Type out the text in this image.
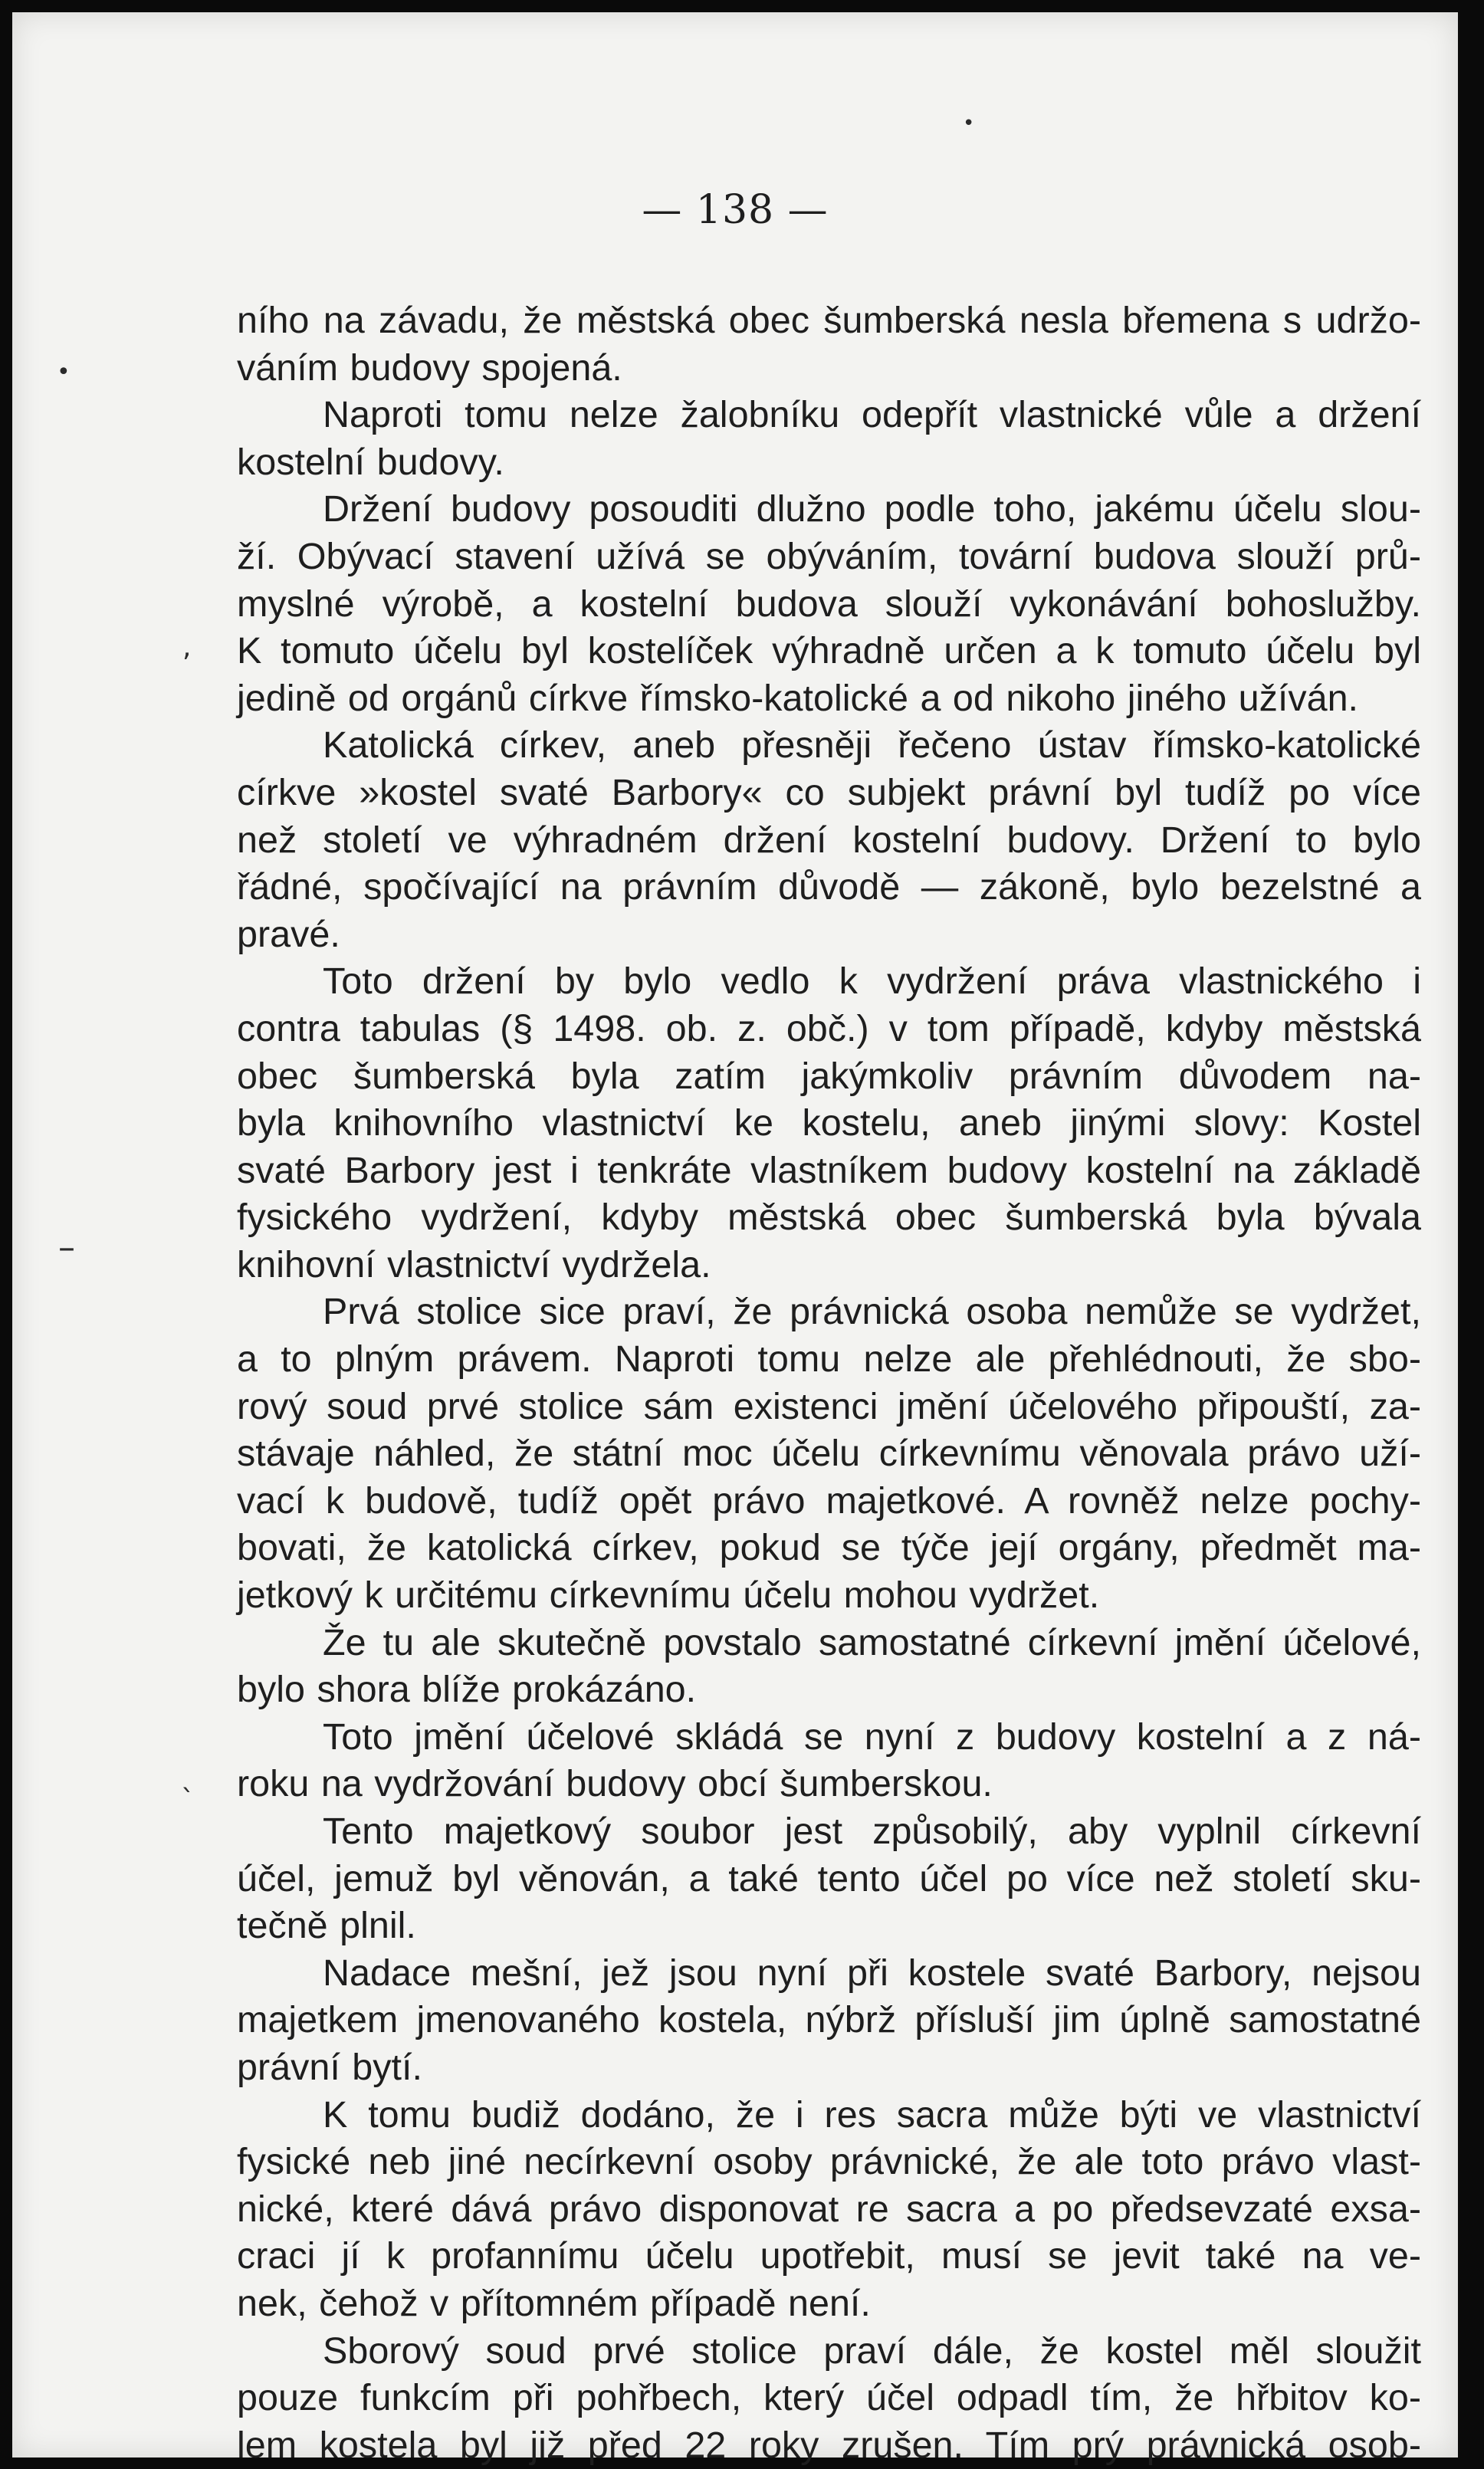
— 138 —
ního na závadu, že městská obec šumberská nesla břemena s udržo-
váním budovy spojená.
Naproti tomu nelze žalobníku odepřít vlastnické vůle a držení
kostelní budovy.
Držení budovy posouditi dlužno podle toho, jakému účelu slou-
ží. Obývací stavení užívá se obýváním, tovární budova slouží prů-
myslné výrobě, a kostelní budova slouží vykonávání bohoslužby.
K tomuto účelu byl kostelíček výhradně určen a k tomuto účelu byl
jedině od orgánů církve římsko-katolické a od nikoho jiného užíván.
Katolická církev, aneb přesněji řečeno ústav římsko-katolické
církve »kostel svaté Barbory« co subjekt právní byl tudíž po více
než století ve výhradném držení kostelní budovy. Držení to bylo
řádné, spočívající na právním důvodě — zákoně, bylo bezelstné a
pravé.
Toto držení by bylo vedlo k vydržení práva vlastnického i
contra tabulas (§ 1498. ob. z. obč.) v tom případě, kdyby městská
obec šumberská byla zatím jakýmkoliv právním důvodem na-
byla knihovního vlastnictví ke kostelu, aneb jinými slovy: Kostel
svaté Barbory jest i tenkráte vlastníkem budovy kostelní na základě
fysického vydržení, kdyby městská obec šumberská byla bývala
knihovní vlastnictví vydržela.
Prvá stolice sice praví, že právnická osoba nemůže se vydržet,
a to plným právem. Naproti tomu nelze ale přehlédnouti, že sbo-
rový soud prvé stolice sám existenci jmění účelového připouští, za-
stávaje náhled, že státní moc účelu církevnímu věnovala právo uží-
vací k budově, tudíž opět právo majetkové. A rovněž nelze pochy-
bovati, že katolická církev, pokud se týče její orgány, předmět ma-
jetkový k určitému církevnímu účelu mohou vydržet.
Že tu ale skutečně povstalo samostatné církevní jmění účelové,
bylo shora blíže prokázáno.
Toto jmění účelové skládá se nyní z budovy kostelní a z ná-
roku na vydržování budovy obcí šumberskou.
Tento majetkový soubor jest způsobilý, aby vyplnil církevní
účel, jemuž byl věnován, a také tento účel po více než století sku-
tečně plnil.
Nadace mešní, jež jsou nyní při kostele svaté Barbory, nejsou
majetkem jmenovaného kostela, nýbrž přísluší jim úplně samostatné
právní bytí.
K tomu budiž dodáno, že i res sacra může býti ve vlastnictví
fysické neb jiné necírkevní osoby právnické, že ale toto právo vlast-
nické, které dává právo disponovat re sacra a po předsevzaté exsa-
craci jí k profannímu účelu upotřebit, musí se jevit také na ve-
nek, čehož v přítomném případě není.
Sborový soud prvé stolice praví dále, že kostel měl sloužit
pouze funkcím při pohřbech, který účel odpadl tím, že hřbitov ko-
lem kostela byl již před 22 roky zrušen. Tím prý právnická osob-
•
,
–
`
•
